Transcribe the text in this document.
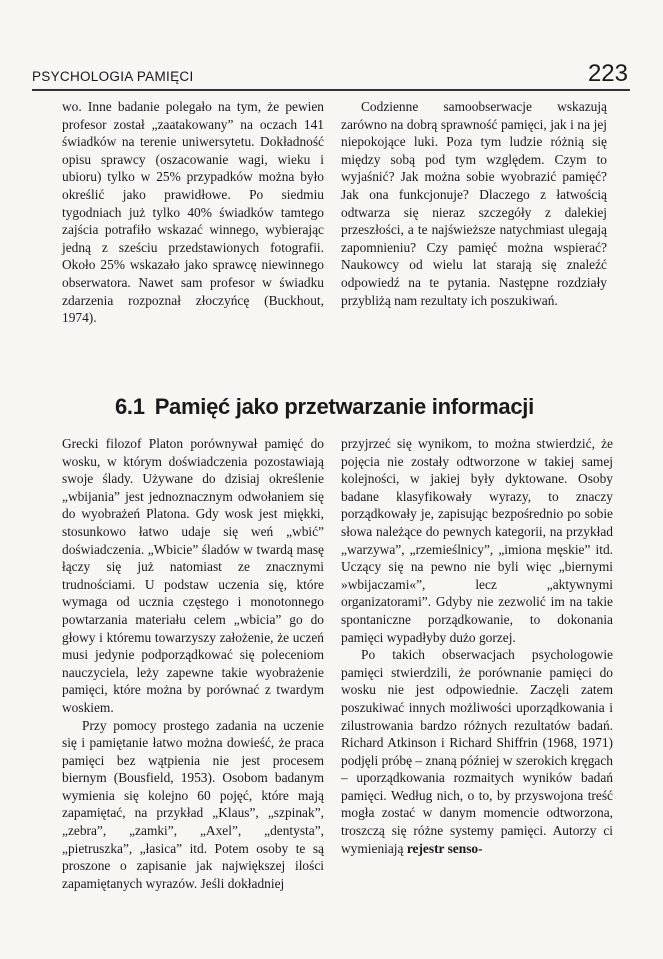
PSYCHOLOGIA PAMIĘCI	223

wo. Inne badanie polegało na tym, że pewien profesor został „zaatakowany” na oczach 141 świadków na terenie uniwersytetu. Dokładność opisu sprawcy (oszacowanie wagi, wieku i ubioru) tylko w 25% przypadków można było określić jako prawidłowe. Po siedmiu tygodniach już tylko 40% świadków tamtego zajścia potrafiło wskazać winnego, wybierając jedną z sześciu przedstawionych fotografii. Około 25% wskazało jako sprawcę niewinnego obserwatora. Nawet sam profesor w świadku zdarzenia rozpoznał złoczyńcę (Buckhout, 1974).

Codzienne samoobserwacje wskazują zarówno na dobrą sprawność pamięci, jak i na jej niepokojące luki. Poza tym ludzie różnią się między sobą pod tym względem. Czym to wyjaśnić? Jak można sobie wyobrazić pamięć? Jak ona funkcjonuje? Dlaczego z łatwością odtwarza się nieraz szczegóły z dalekiej przeszłości, a te najświeższe natychmiast ulegają zapomnieniu? Czy pamięć można wspierać? Naukowcy od wielu lat starają się znaleźć odpowiedź na te pytania. Następne rozdziały przybliżą nam rezultaty ich poszukiwań.

6.1 Pamięć jako przetwarzanie informacji

Grecki filozof Platon porównywał pamięć do wosku, w którym doświadczenia pozostawiają swoje ślady. Używane do dzisiaj określenie „wbijania” jest jednoznacznym odwołaniem się do wyobrażeń Platona. Gdy wosk jest miękki, stosunkowo łatwo udaje się weń „wbić” doświadczenia. „Wbicie” śladów w twardą masę łączy się już natomiast ze znacznymi trudnościami. U podstaw uczenia się, które wymaga od ucznia częstego i monotonnego powtarzania materiału celem „wbicia” go do głowy i któremu towarzyszy założenie, że uczeń musi jedynie podporządkować się poleceniom nauczyciela, leży zapewne takie wyobrażenie pamięci, które można by porównać z twardym woskiem.

Przy pomocy prostego zadania na uczenie się i pamiętanie łatwo można dowieść, że praca pamięci bez wątpienia nie jest procesem biernym (Bousfield, 1953). Osobom badanym wymienia się kolejno 60 pojęć, które mają zapamiętać, na przykład „Klaus”, „szpinak”, „zebra”, „zamki”, „Axel”, „dentysta”, „pietruszka”, „łasica” itd. Potem osoby te są proszone o zapisanie jak największej ilości zapamiętanych wyrazów. Jeśli dokładniej

przyjrzeć się wynikom, to można stwierdzić, że pojęcia nie zostały odtworzone w takiej samej kolejności, w jakiej były dyktowane. Osoby badane klasyfikowały wyrazy, to znaczy porządkowały je, zapisując bezpośrednio po sobie słowa należące do pewnych kategorii, na przykład „warzywa”, „rzemieślnicy”, „imiona męskie” itd. Uczący się na pewno nie byli więc „biernymi »wbijaczami«”, lecz „aktywnymi organizatorami”. Gdyby nie zezwolić im na takie spontaniczne porządkowanie, to dokonania pamięci wypadłyby dużo gorzej.

Po takich obserwacjach psychologowie pamięci stwierdzili, że porównanie pamięci do wosku nie jest odpowiednie. Zaczęli zatem poszukiwać innych możliwości uporządkowania i zilustrowania bardzo różnych rezultatów badań. Richard Atkinson i Richard Shiffrin (1968, 1971) podjęli próbę – znaną później w szerokich kręgach – uporządkowania rozmaitych wyników badań pamięci. Według nich, o to, by przyswojona treść mogła zostać w danym momencie odtworzona, troszczą się różne systemy pamięci. Autorzy ci wymieniają rejestr senso-
